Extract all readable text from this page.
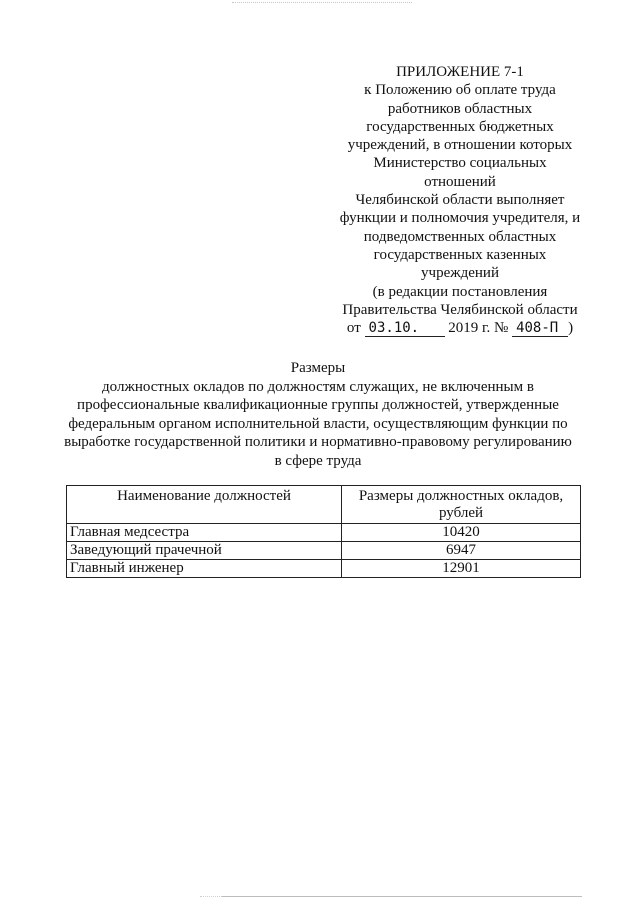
ПРИЛОЖЕНИЕ 7-1
к Положению об оплате труда
работников областных
государственных бюджетных
учреждений, в отношении которых
Министерство социальных
отношений
Челябинской области выполняет
функции и полномочия учредителя, и
подведомственных областных
государственных казенных
учреждений
(в редакции постановления
Правительства Челябинской области
от 03.10. 2019 г. № 408-П )
Размеры
должностных окладов по должностям служащих, не включенным в
профессиональные квалификационные группы должностей, утвержденные
федеральным органом исполнительной власти, осуществляющим функции по
выработке государственной политики и нормативно-правовому регулированию
в сфере труда
Наименование должностей	Размеры должностных окладов, рублей
Главная медсестра	10420
Заведующий прачечной	6947
Главный инженер	12901
